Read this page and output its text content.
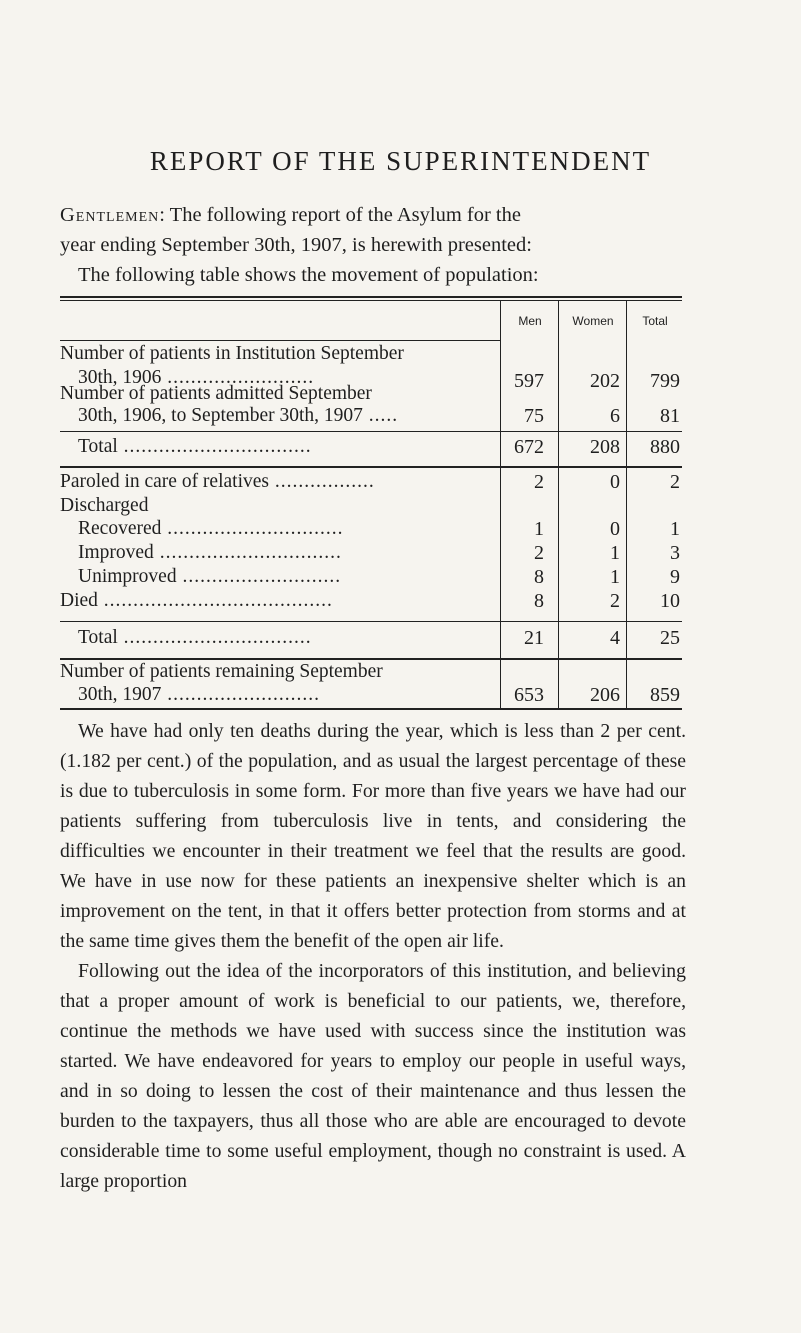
REPORT OF THE SUPERINTENDENT
Gentlemen: The following report of the Asylum for the
year ending September 30th, 1907, is herewith presented:
The following table shows the movement of population:
Men	Women	Total
Number of patients in Institution September
30th, 1906 .........................	597	202	799
Number of patients admitted September
30th, 1906, to September 30th, 1907 .....	75	6	81
Total ................................	672	208	880
Paroled in care of relatives .................	2	0	2
Discharged
Recovered ..............................	1	0	1
Improved ...............................	2	1	3
Unimproved ...........................	8	1	9
Died .......................................	8	2	10
Total ................................	21	4	25
Number of patients remaining September
30th, 1907 ..........................	653	206	859

We have had only ten deaths during the year, which is less than 2 per cent. (1.182 per cent.) of the population, and as usual the largest percentage of these is due to tuberculosis in some form. For more than five years we have had our patients suffering from tuberculosis live in tents, and considering the difficulties we encounter in their treatment we feel that the results are good. We have in use now for these patients an inexpensive shelter which is an improvement on the tent, in that it offers better protection from storms and at the same time gives them the benefit of the open air life.

Following out the idea of the incorporators of this institution, and believing that a proper amount of work is beneficial to our patients, we, therefore, continue the methods we have used with success since the institution was started. We have endeavored for years to employ our people in useful ways, and in so doing to lessen the cost of their maintenance and thus lessen the burden to the taxpayers, thus all those who are able are encouraged to devote considerable time to some useful employment, though no constraint is used. A large proportion
